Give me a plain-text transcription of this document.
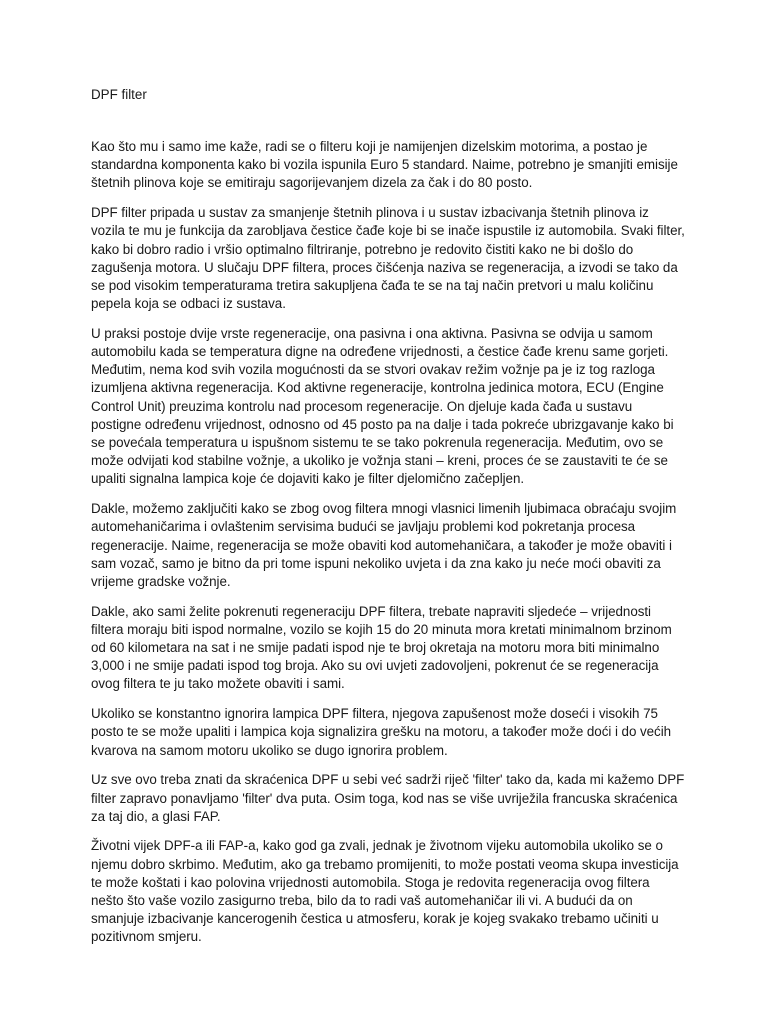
DPF filter

Kao što mu i samo ime kaže, radi se o filteru koji je namijenjen dizelskim motorima, a postao je standardna komponenta kako bi vozila ispunila Euro 5 standard. Naime, potrebno je smanjiti emisije štetnih plinova koje se emitiraju sagorijevanjem dizela za čak i do 80 posto.

DPF filter pripada u sustav za smanjenje štetnih plinova i u sustav izbacivanja štetnih plinova iz vozila te mu je funkcija da zarobljava čestice čađe koje bi se inače ispustile iz automobila. Svaki filter, kako bi dobro radio i vršio optimalno filtriranje, potrebno je redovito čistiti kako ne bi došlo do zagušenja motora. U slučaju DPF filtera, proces čišćenja naziva se regeneracija, a izvodi se tako da se pod visokim temperaturama tretira sakupljena čađa te se na taj način pretvori u malu količinu pepela koja se odbaci iz sustava.

U praksi postoje dvije vrste regeneracije, ona pasivna i ona aktivna. Pasivna se odvija u samom automobilu kada se temperatura digne na određene vrijednosti, a čestice čađe krenu same gorjeti. Međutim, nema kod svih vozila mogućnosti da se stvori ovakav režim vožnje pa je iz tog razloga izumljena aktivna regeneracija. Kod aktivne regeneracije, kontrolna jedinica motora, ECU (Engine Control Unit) preuzima kontrolu nad procesom regeneracije. On djeluje kada čađa u sustavu postigne određenu vrijednost, odnosno od 45 posto pa na dalje i tada pokreće ubrizgavanje kako bi se povećala temperatura u ispušnom sistemu te se tako pokrenula regeneracija. Međutim, ovo se može odvijati kod stabilne vožnje, a ukoliko je vožnja stani – kreni, proces će se zaustaviti te će se upaliti signalna lampica koje će dojaviti kako je filter djelomično začepljen.

Dakle, možemo zaključiti kako se zbog ovog filtera mnogi vlasnici limenih ljubimaca obraćaju svojim automehaničarima i ovlaštenim servisima budući se javljaju problemi kod pokretanja procesa regeneracije. Naime, regeneracija se može obaviti kod automehaničara, a također je može obaviti i sam vozač, samo je bitno da pri tome ispuni nekoliko uvjeta i da zna kako ju neće moći obaviti za vrijeme gradske vožnje.

Dakle, ako sami želite pokrenuti regeneraciju DPF filtera, trebate napraviti sljedeće – vrijednosti filtera moraju biti ispod normalne, vozilo se kojih 15 do 20 minuta mora kretati minimalnom brzinom od 60 kilometara na sat i ne smije padati ispod nje te broj okretaja na motoru mora biti minimalno 3,000 i ne smije padati ispod tog broja. Ako su ovi uvjeti zadovoljeni, pokrenut će se regeneracija ovog filtera te ju tako možete obaviti i sami.

Ukoliko se konstantno ignorira lampica DPF filtera, njegova zapušenost može doseći i visokih 75 posto te se može upaliti i lampica koja signalizira grešku na motoru, a također može doći i do većih kvarova na samom motoru ukoliko se dugo ignorira problem.

Uz sve ovo treba znati da skraćenica DPF u sebi već sadrži riječ 'filter' tako da, kada mi kažemo DPF filter zapravo ponavljamo 'filter' dva puta. Osim toga, kod nas se više uvriježila francuska skraćenica za taj dio, a glasi FAP.

Životni vijek DPF-a ili FAP-a, kako god ga zvali, jednak je životnom vijeku automobila ukoliko se o njemu dobro skrbimo. Međutim, ako ga trebamo promijeniti, to može postati veoma skupa investicija te može koštati i kao polovina vrijednosti automobila. Stoga je redovita regeneracija ovog filtera nešto što vaše vozilo zasigurno treba, bilo da to radi vaš automehaničar ili vi. A budući da on smanjuje izbacivanje kancerogenih čestica u atmosferu, korak je kojeg svakako trebamo učiniti u pozitivnom smjeru.
